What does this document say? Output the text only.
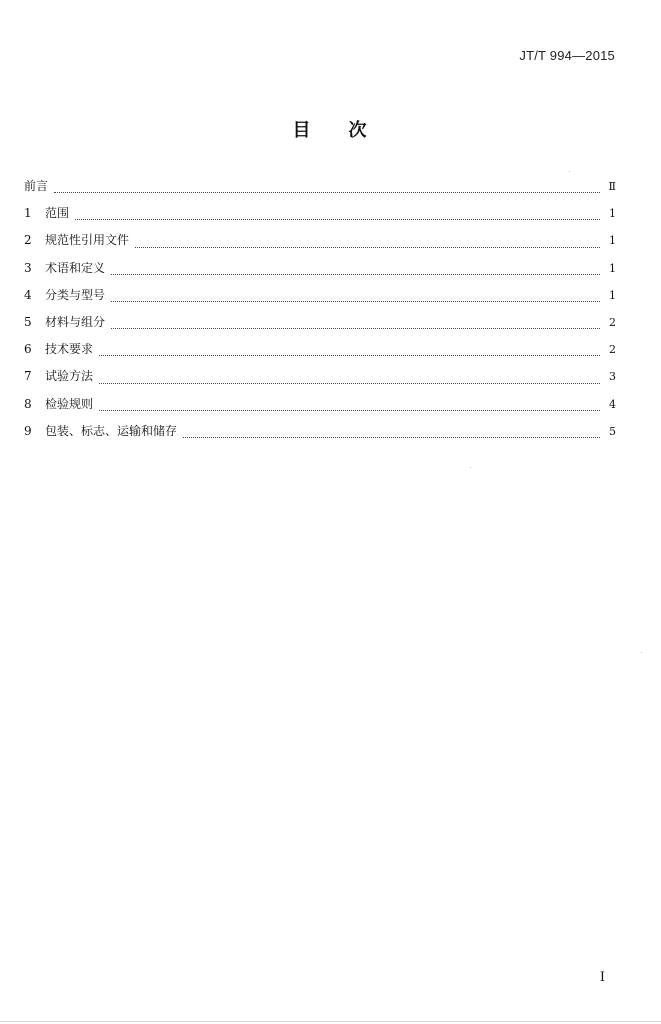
JT/T 994—2015
目次
前言	Ⅱ
1	范围	1
2	规范性引用文件	1
3	术语和定义	1
4	分类与型号	1
5	材料与组分	2
6	技术要求	2
7	试验方法	3
8	检验规则	4
9	包装、标志、运输和储存	5
I
